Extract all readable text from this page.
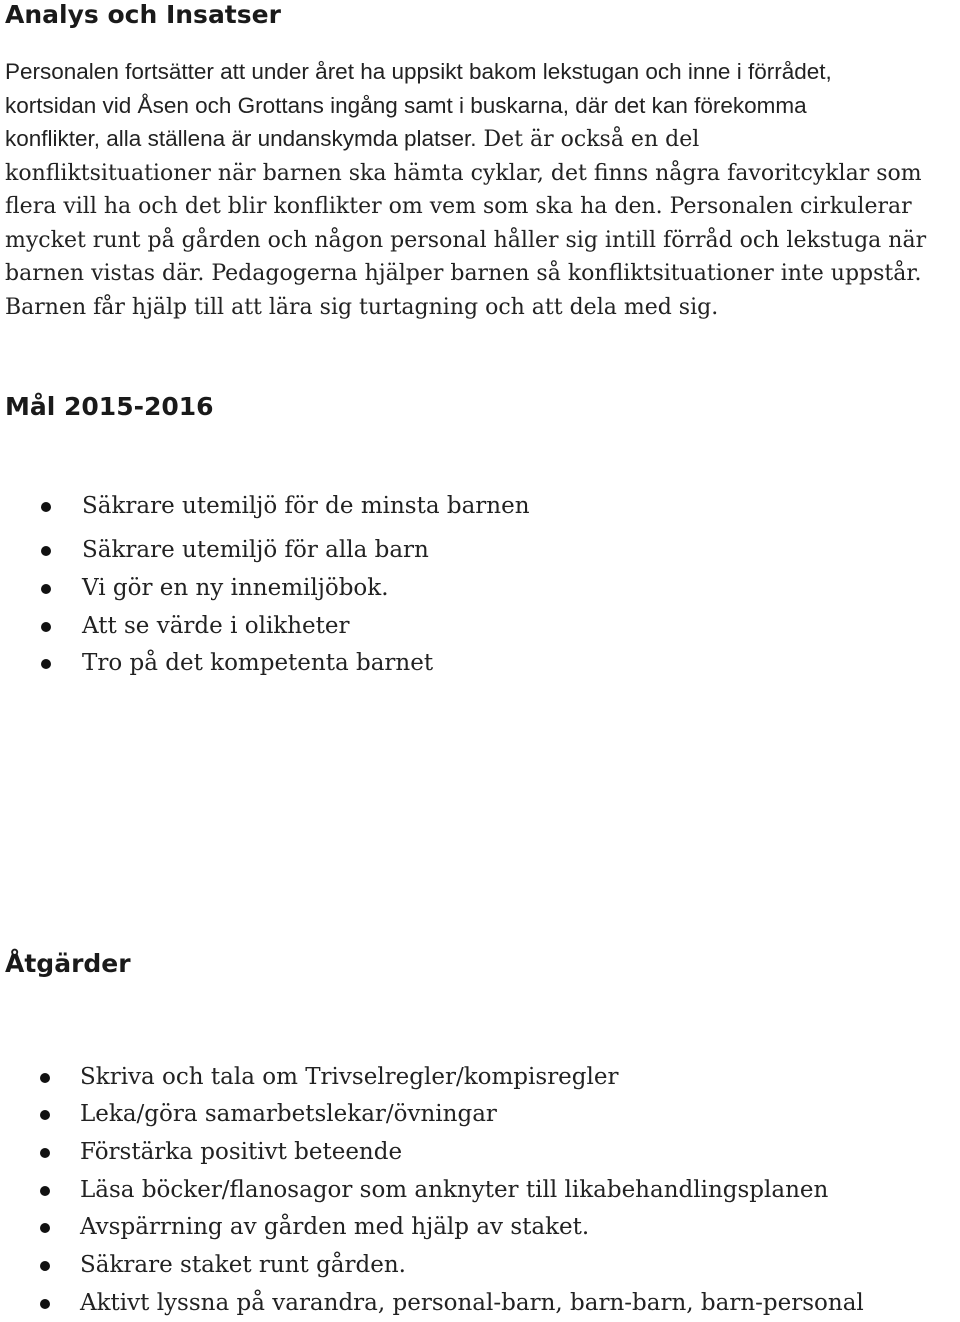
Analys och Insatser
Personalen fortsätter att under året ha uppsikt bakom lekstugan och inne i förrådet,
kortsidan vid Åsen och Grottans ingång samt i buskarna, där det kan förekomma
konflikter, alla ställena är undanskymda platser. Det är också en del
konfliktsituationer när barnen ska hämta cyklar, det finns några favoritcyklar som
flera vill ha och det blir konflikter om vem som ska ha den. Personalen cirkulerar
mycket runt på gården och någon personal håller sig intill förråd och lekstuga när
barnen vistas där. Pedagogerna hjälper barnen så konfliktsituationer inte uppstår.
Barnen får hjälp till att lära sig turtagning och att dela med sig.
Mål 2015-2016
Säkrare utemiljö för de minsta barnen
Säkrare utemiljö för alla barn
Vi gör en ny innemiljöbok.
Att se värde i olikheter
Tro på det kompetenta barnet
Åtgärder
Skriva och tala om Trivselregler/kompisregler
Leka/göra samarbetslekar/övningar
Förstärka positivt beteende
Läsa böcker/flanosagor som anknyter till likabehandlingsplanen
Avspärrning av gården med hjälp av staket.
Säkrare staket runt gården.
Aktivt lyssna på varandra, personal-barn, barn-barn, barn-personal
